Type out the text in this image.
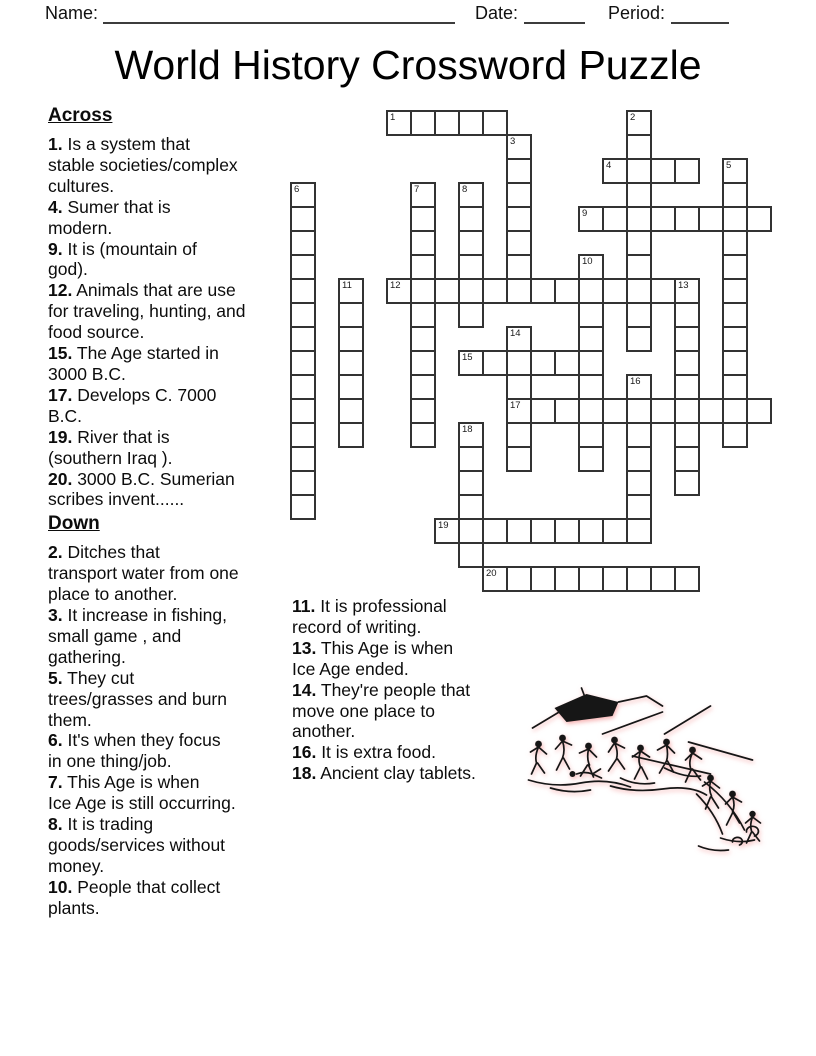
Name:	Date:	Period:
World History Crossword Puzzle
1	2
3
4	5
6	7	8
9
10
11	12	13
14
17
15
16
18
19
20

Across

1. Is a system that
stable societies/complex
cultures.

4. Sumer that is
modern.

9. It is (mountain of
god).

12. Animals that are use
for traveling, hunting, and
food source.

15. The Age started in
3000 B.C.

17. Develops C. 7000
B.C.

19. River that is
(southern Iraq ).

20. 3000 B.C. Sumerian
scribes invent......

Down

2. Ditches that
transport water from one
place to another.

3. It increase in fishing,
small game , and
gathering.

5. They cut
trees/grasses and burn
them.

6. It's when they focus
in one thing/job.

7. This Age is when
Ice Age is still occurring.

8. It is trading
goods/services without
money.

10. People that collect
plants.

11. It is professional
record of writing.

13. This Age is when
Ice Age ended.

14. They're people that
move one place to
another.

16. It is extra food.

18. Ancient clay tablets.
